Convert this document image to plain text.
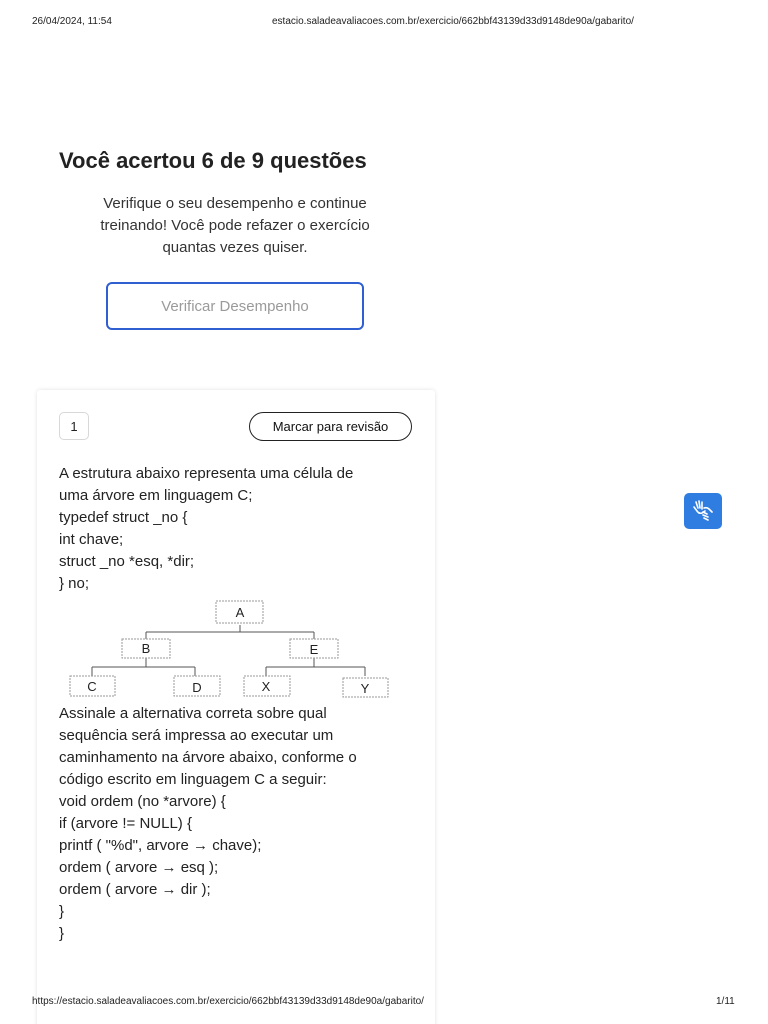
26/04/2024, 11:54	estacio.saladeavaliacoes.com.br/exercicio/662bbf43139d33d9148de90a/gabarito/
Você acertou 6 de 9 questões
Verifique o seu desempenho e continue treinando! Você pode refazer o exercício quantas vezes quiser.
Verificar Desempenho
1	Marcar para revisão
A estrutura abaixo representa uma célula de
uma árvore em linguagem C;
typedef struct _no {
int chave;
struct _no *esq, *dir;
} no;
A
B	E
C	D	X	Y
Assinale a alternativa correta sobre qual
sequência será impressa ao executar um
caminhamento na árvore abaixo, conforme o
código escrito em linguagem C a seguir:
void ordem (no *arvore) {
if (arvore != NULL) {
printf ( "%d", arvore → chave);
ordem ( arvore → esq );
ordem ( arvore → dir );
}
}
https://estacio.saladeavaliacoes.com.br/exercicio/662bbf43139d33d9148de90a/gabarito/	1/11
